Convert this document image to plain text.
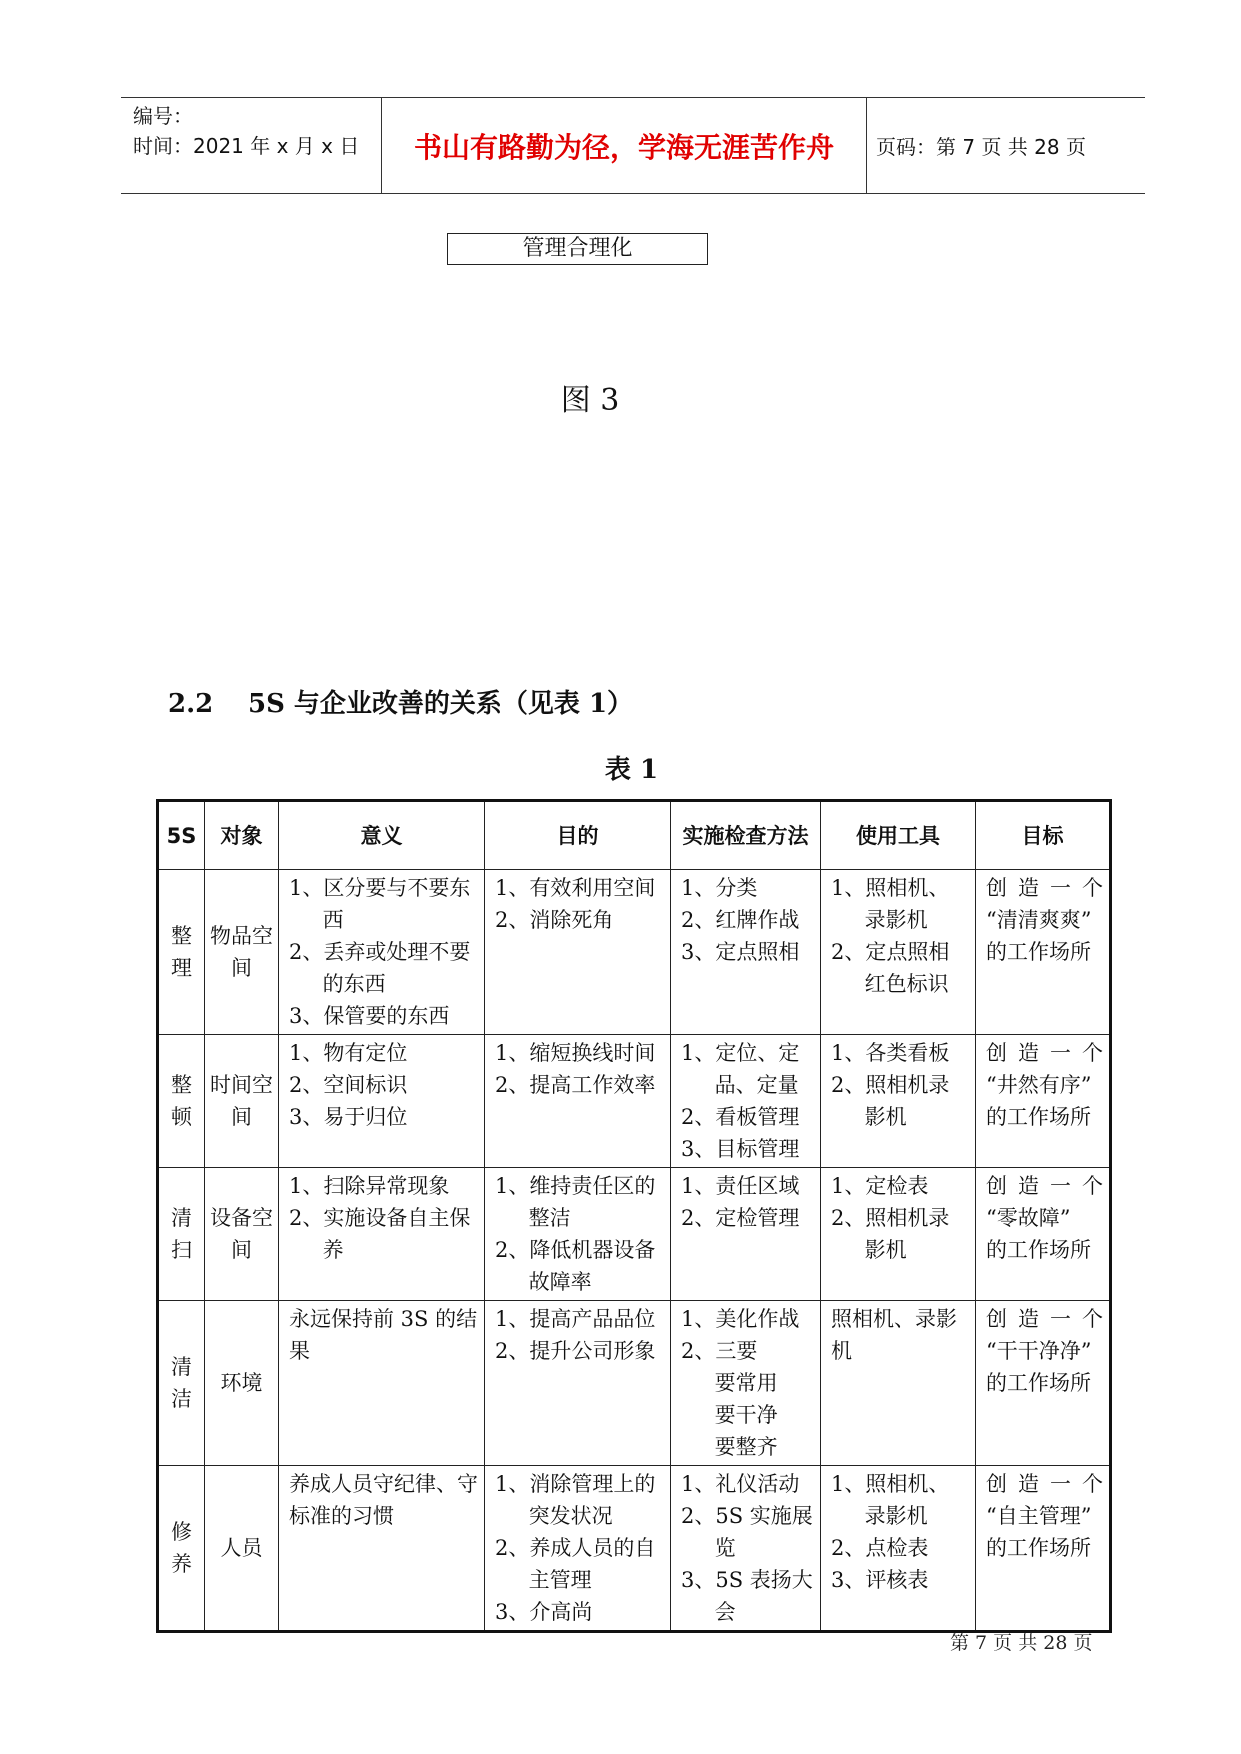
编号：
时间：2021 年 x 月 x 日	书山有路勤为径，学海无涯苦作舟	页码：第 7 页 共 28 页
管理合理化
图 3
2.2 5S 与企业改善的关系（见表 1）
表 1
5S	对象	意义	目的	实施检查方法	使用工具	目标
整理	物品空间	1、区分要与不要东西
2、丢弃或处理不要的东西
3、保管要的东西	1、有效利用空间
2、消除死角	1、分类
2、红牌作战
3、定点照相	1、照相机、录影机
2、定点照相红色标识	创造一个
“清清爽爽”
的工作场所

整顿	时间空间	1、物有定位
2、空间标识
3、易于归位	1、缩短换线时间
2、提高工作效率	1、定位、定品、定量
2、看板管理
3、目标管理	1、各类看板
2、照相机录影机	创造一个
“井然有序”
的工作场所

清扫	设备空间	1、扫除异常现象
2、实施设备自主保养	1、维持责任区的整洁
2、降低机器设备故障率	1、责任区域
2、定检管理	1、定检表
2、照相机录影机	创造一个
“零故障”
的工作场所

清洁	环境	永远保持前 3S 的结果	1、提高产品品位
2、提升公司形象	1、美化作战
2、三要
要常用
要干净
要整齐	照相机、录影机	创造一个
“干干净净”
的工作场所

修养	人员	养成人员守纪律、守标准的习惯	1、消除管理上的突发状况
2、养成人员的自主管理
3、介高尚	1、礼仪活动
2、5S 实施展览
3、5S 表扬大会	1、照相机、录影机
2、点检表
3、评核表	创造一个
“自主管理”
的工作场所
第 7 页 共 28 页
